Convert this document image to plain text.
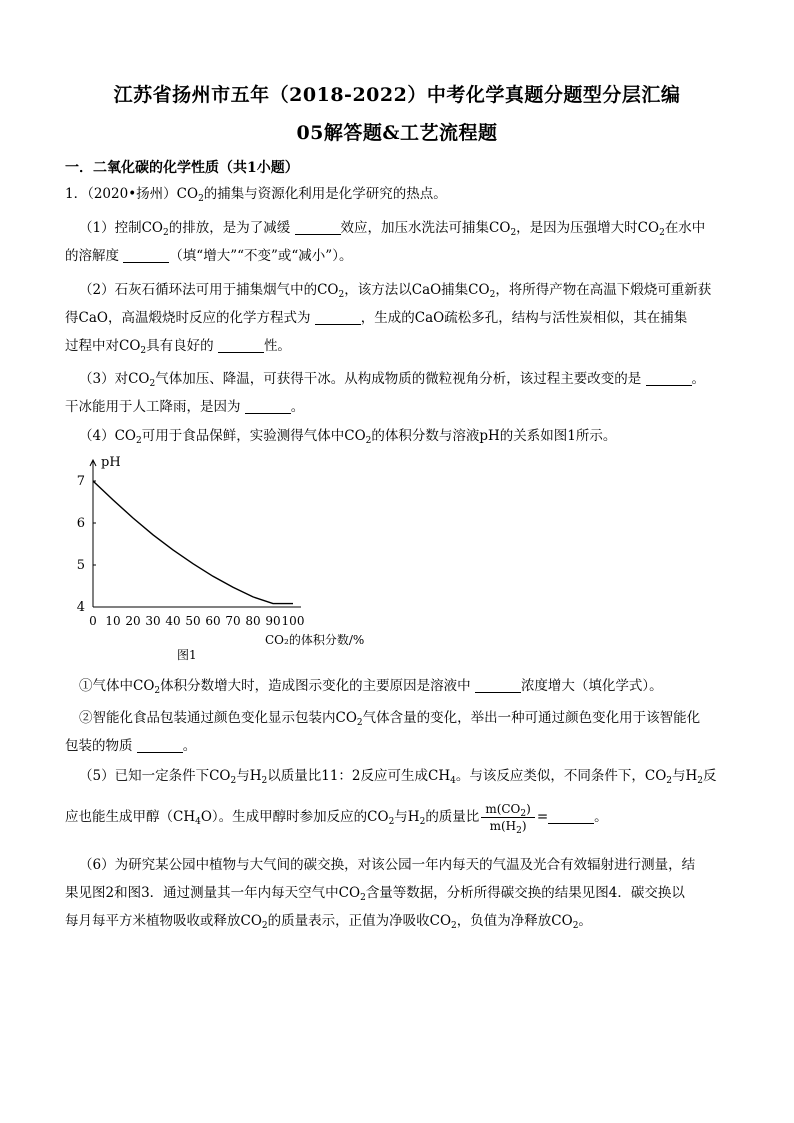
江苏省扬州市五年（2018-2022）中考化学真题分题型分层汇编
05解答题&工艺流程题
一．二氧化碳的化学性质（共1小题）
1．（2020•扬州）$CO_2$的捕集与资源化利用是化学研究的热点。
（1）控制$CO_2$的排放，是为了减缓	效应，加压水洗法可捕集$CO_2$，是因为压强增大时$CO_2$在水中
的溶解度	（填“增大”“不变”或“减小”）。
（2）石灰石循环法可用于捕集烟气中的$CO_2$，该方法以CaO捕集$CO_2$，将所得产物在高温下煅烧可重新获
得CaO，高温煅烧时反应的化学方程式为	，生成的CaO疏松多孔，结构与活性炭相似，其在捕集
过程中对$CO_2$具有良好的	性。
（3）对$CO_2$气体加压、降温，可获得干冰。从构成物质的微粒视角分析，该过程主要改变的是	。
干冰能用于人工降雨，是因为	。
$(4)CO_2$可用于食品保鲜，实验测得气体中$CO_2$的体积分数与溶液pH的关系如图1所示。
0 10 20 30 40 50 60 70 80 90 100
4
5
6
7
pH
CO₂的体积分数/%
图1
①气体中$CO_2$体积分数增大时，造成图示变化的主要原因是溶液中	浓度增大（填化学式）。
②智能化食品包装通过颜色变化显示包装内$CO_2$气体含量的变化，举出一种可通过颜色变化用于该智能化
包装的物质	。
（5）已知一定条件下$CO_2$与$H_2$以质量比11：2反应可生成$CH_4$。与该反应类似，不同条件下，$CO_2$与$H_2$反
应也能生成甲醇$(CH_4O)$。生成甲醇时参加反应的$CO_2$与$H_2$的质量比 $\frac{m(CO_2)}{m(H_2)}$ =	。
（6）为研究某公园中植物与大气间的碳交换，对该公园一年内每天的气温及光合有效辐射进行测量，结
果见图2和图3．通过测量其一年内每天空气中$CO_2$含量等数据，分析所得碳交换的结果见图4．碳交换以
每月每平方米植物吸收或释放$CO_2$的质量表示，正值为净吸收$CO_2$，负值为净释放$CO_2$。
